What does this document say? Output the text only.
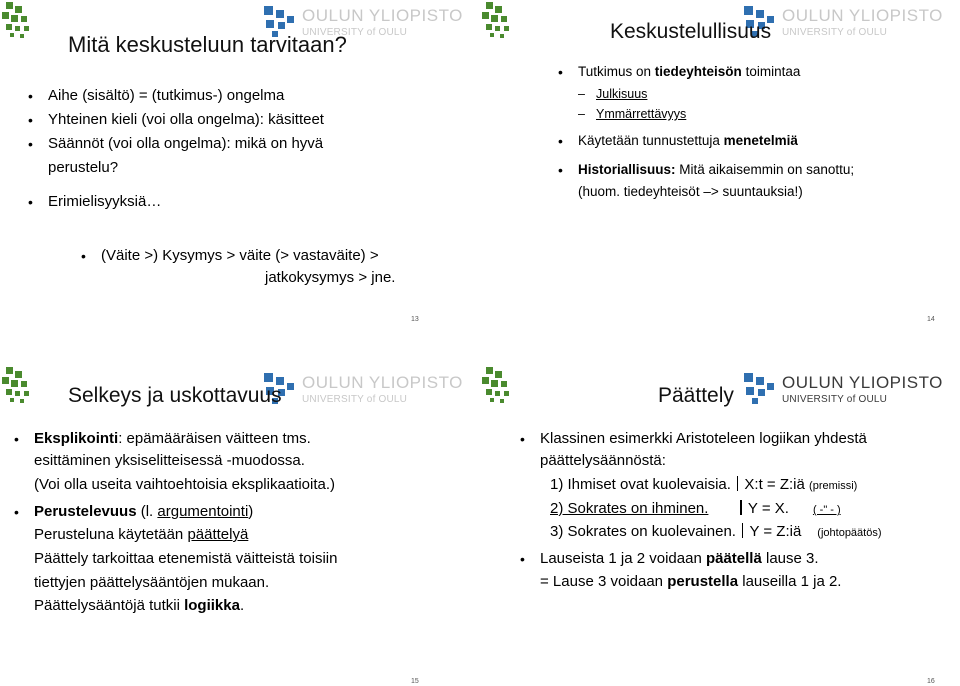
OULUN YLIOPISTO
UNIVERSITY of OULU
Mitä keskusteluun tarvitaan?
• Aihe (sisältö) = (tutkimus-) ongelma
• Yhteinen kieli (voi olla ongelma): käsitteet
• Säännöt (voi olla ongelma): mikä on hyvä
perustelu?
• Erimielisyyksiä…
• (Väite >) Kysymys > väite (> vastaväite) >
jatkokysymys > jne.
13
OULUN YLIOPISTO
UNIVERSITY of OULU
Keskustelullisuus
• Tutkimus on tiedeyhteisön toimintaa
– Julkisuus
– Ymmärrettävyys
• Käytetään tunnustettuja menetelmiä
• Historiallisuus: Mitä aikaisemmin on sanottu;
(huom. tiedeyhteisöt –> suuntauksia!)
14
OULUN YLIOPISTO
UNIVERSITY of OULU
Selkeys ja uskottavuus
• Eksplikointi: epämääräisen väitteen tms.
esittäminen yksiselitteisessä -muodossa.
(Voi olla useita vaihtoehtoisia eksplikaatioita.)
• Perustelevuus (l. argumentointi)
Perusteluna käytetään päättelyä
Päättely tarkoittaa etenemistä väitteistä toisiin
tiettyjen päättelysääntöjen mukaan.
Päättelysääntöjä tutkii logiikka.
15
OULUN YLIOPISTO
UNIVERSITY of OULU
Päättely
• Klassinen esimerkki Aristoteleen logiikan yhdestä
päättelysäännöstä:
1) Ihmiset ovat kuolevaisia. X:t = Z:iä (premissi)
2) Sokrates on ihminen.	Y = X. ( -" - )
3) Sokrates on kuolevainen. Y = Z:iä (johtopäätös)
• Lauseista 1 ja 2 voidaan päätellä lause 3.
= Lause 3 voidaan perustella lauseilla 1 ja 2.
16
